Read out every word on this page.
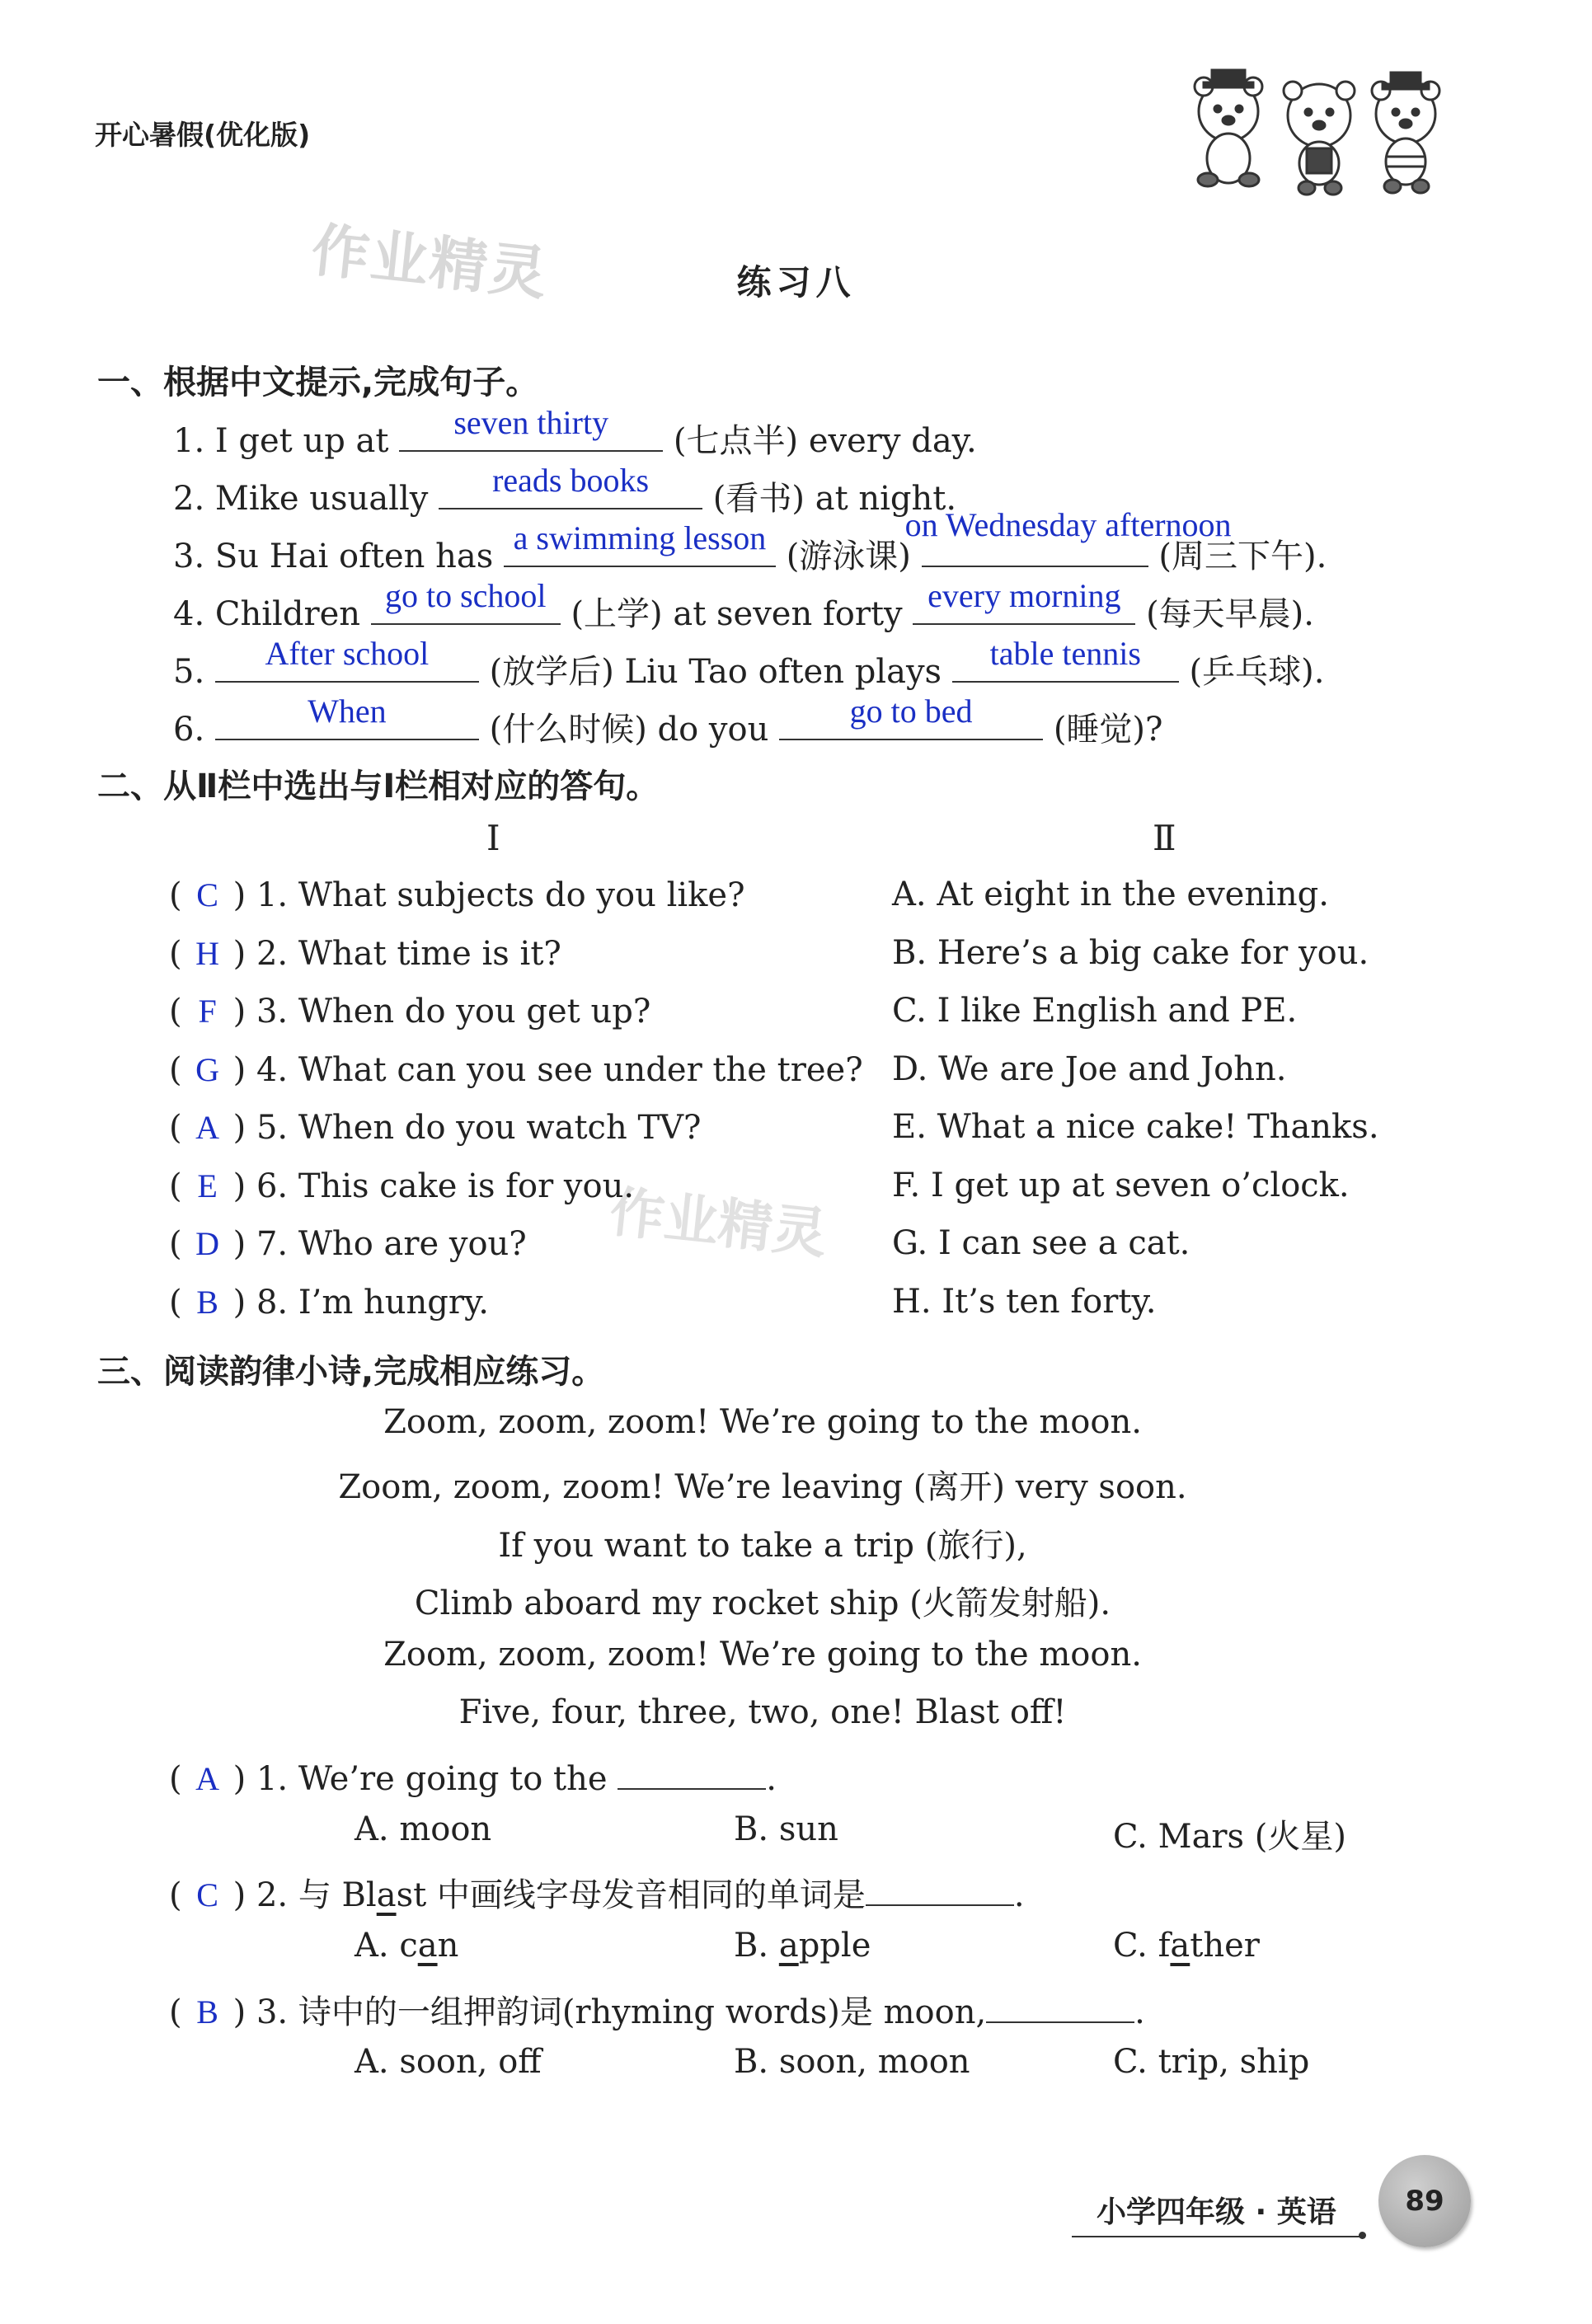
开心暑假(优化版)
作业精灵
作业精灵
练习八
一、根据中文提示,完成句子。
1. I get up at	seven thirty	(七点半) every day.
2. Mike usually	reads books	(看书) at night.
3. Su Hai often has a swimming lesson (游泳课)
on Wednesday afternoon
(周三下午).
4. Children go to school (上学) at seven forty every morning (每天早晨).
5.	After school	(放学后) Liu Tao often plays	table tennis	(乒乓球).
6.	When	(什么时候) do you	go to bed	(睡觉)?
二、从Ⅱ栏中选出与Ⅰ栏相对应的答句。
Ⅰ	Ⅱ
( C ) 1. What subjects do you like?	A. At eight in the evening.
( H ) 2. What time is it?	B. Here’s a big cake for you.
( F ) 3. When do you get up?	C. I like English and PE.
( G ) 4. What can you see under the tree? D. We are Joe and John.
( A ) 5. When do you watch TV?	E. What a nice cake! Thanks.
( E ) 6. This cake is for you.	F. I get up at seven o’clock.
( D ) 7. Who are you?	G. I can see a cat.
( B ) 8. I’m hungry.	H. It’s ten forty.
三、阅读韵律小诗,完成相应练习。
Zoom, zoom, zoom! We’re going to the moon.
Zoom, zoom, zoom! We’re leaving (离开) very soon.
If you want to take a trip (旅行),
Climb aboard my rocket ship (火箭发射船).
Zoom, zoom, zoom! We’re going to the moon.
Five, four, three, two, one! Blast off!
( A ) 1. We’re going to the	.
A. moon	B. sun	C. Mars (火星)
( C ) 2. 与 Blast 中画线字母发音相同的单词是	.
A. can	B. apple	C. father
( B ) 3. 诗中的一组押韵词(rhyming words)是 moon,	.
A. soon, off	B. soon, moon	C. trip, ship
小学四年级 · 英语	89
